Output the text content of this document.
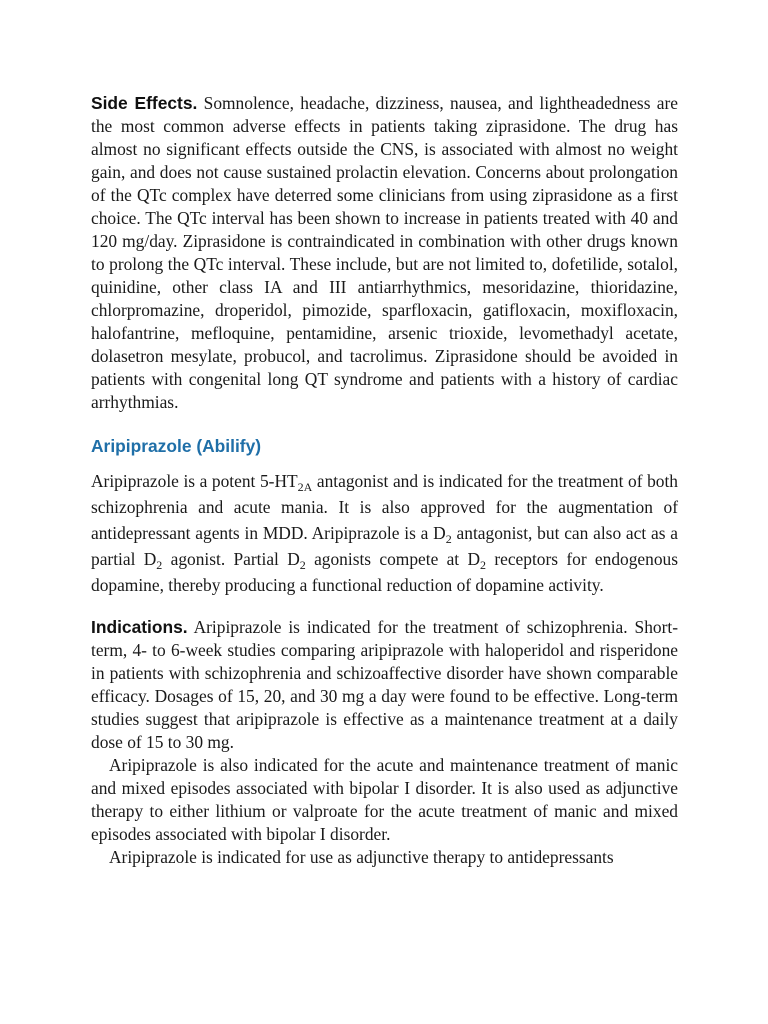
Side Effects. Somnolence, headache, dizziness, nausea, and lightheadedness are the most common adverse effects in patients taking ziprasidone. The drug has almost no significant effects outside the CNS, is associated with almost no weight gain, and does not cause sustained prolactin elevation. Concerns about prolongation of the QTc complex have deterred some clinicians from using ziprasidone as a first choice. The QTc interval has been shown to increase in patients treated with 40 and 120 mg/day. Ziprasidone is contraindicated in combination with other drugs known to prolong the QTc interval. These include, but are not limited to, dofetilide, sotalol, quinidine, other class IA and III antiarrhythmics, mesoridazine, thioridazine, chlorpromazine, droperidol, pimozide, sparfloxacin, gatifloxacin, moxifloxacin, halofantrine, mefloquine, pentamidine, arsenic trioxide, levomethadyl acetate, dolasetron mesylate, probucol, and tacrolimus. Ziprasidone should be avoided in patients with congenital long QT syndrome and patients with a history of cardiac arrhythmias.

Aripiprazole (Abilify)

Aripiprazole is a potent $5-HT_{2A}$ antagonist and is indicated for the treatment of both schizophrenia and acute mania. It is also approved for the augmentation of antidepressant agents in MDD. Aripiprazole is a $D_2$ antagonist, but can also act as a partial $D_2$ agonist. Partial $D_2$ agonists compete at $D_2$ receptors for endogenous dopamine, thereby producing a functional reduction of dopamine activity.

Indications. Aripiprazole is indicated for the treatment of schizophrenia. Short-term, 4- to 6-week studies comparing aripiprazole with haloperidol and risperidone in patients with schizophrenia and schizoaffective disorder have shown comparable efficacy. Dosages of 15, 20, and 30 mg a day were found to be effective. Long-term studies suggest that aripiprazole is effective as a maintenance treatment at a daily dose of 15 to 30 mg.

Aripiprazole is also indicated for the acute and maintenance treatment of manic and mixed episodes associated with bipolar I disorder. It is also used as adjunctive therapy to either lithium or valproate for the acute treatment of manic and mixed episodes associated with bipolar I disorder.

Aripiprazole is indicated for use as adjunctive therapy to antidepressants
